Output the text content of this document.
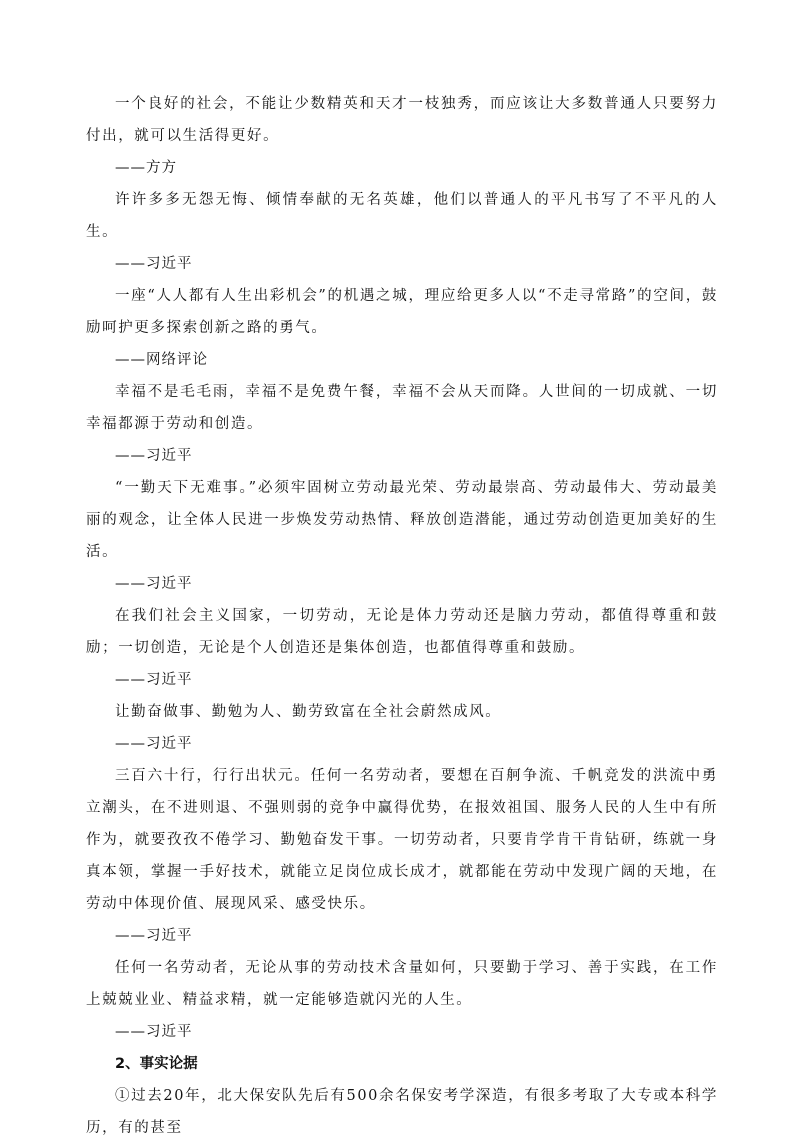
一个良好的社会，不能让少数精英和天才一枝独秀，而应该让大多数普通人只要努力付出，就可以生活得更好。

——方方

许许多多无怨无悔、倾情奉献的无名英雄，他们以普通人的平凡书写了不平凡的人生。

——习近平

一座“人人都有人生出彩机会”的机遇之城，理应给更多人以“不走寻常路”的空间，鼓励呵护更多探索创新之路的勇气。

——网络评论

幸福不是毛毛雨，幸福不是免费午餐，幸福不会从天而降。人世间的一切成就、一切幸福都源于劳动和创造。

——习近平

“一勤天下无难事。”必须牢固树立劳动最光荣、劳动最崇高、劳动最伟大、劳动最美丽的观念，让全体人民进一步焕发劳动热情、释放创造潜能，通过劳动创造更加美好的生活。

——习近平

在我们社会主义国家，一切劳动，无论是体力劳动还是脑力劳动，都值得尊重和鼓励；一切创造，无论是个人创造还是集体创造，也都值得尊重和鼓励。

——习近平

让勤奋做事、勤勉为人、勤劳致富在全社会蔚然成风。

——习近平

三百六十行，行行出状元。任何一名劳动者，要想在百舸争流、千帆竞发的洪流中勇立潮头，在不进则退、不强则弱的竞争中赢得优势，在报效祖国、服务人民的人生中有所作为，就要孜孜不倦学习、勤勉奋发干事。一切劳动者，只要肯学肯干肯钻研，练就一身真本领，掌握一手好技术，就能立足岗位成长成才，就都能在劳动中发现广阔的天地，在劳动中体现价值、展现风采、感受快乐。

——习近平

任何一名劳动者，无论从事的劳动技术含量如何，只要勤于学习、善于实践，在工作上兢兢业业、精益求精，就一定能够造就闪光的人生。

——习近平

2、事实论据

①过去20年，北大保安队先后有500余名保安考学深造，有很多考取了大专或本科学历，有的甚至
